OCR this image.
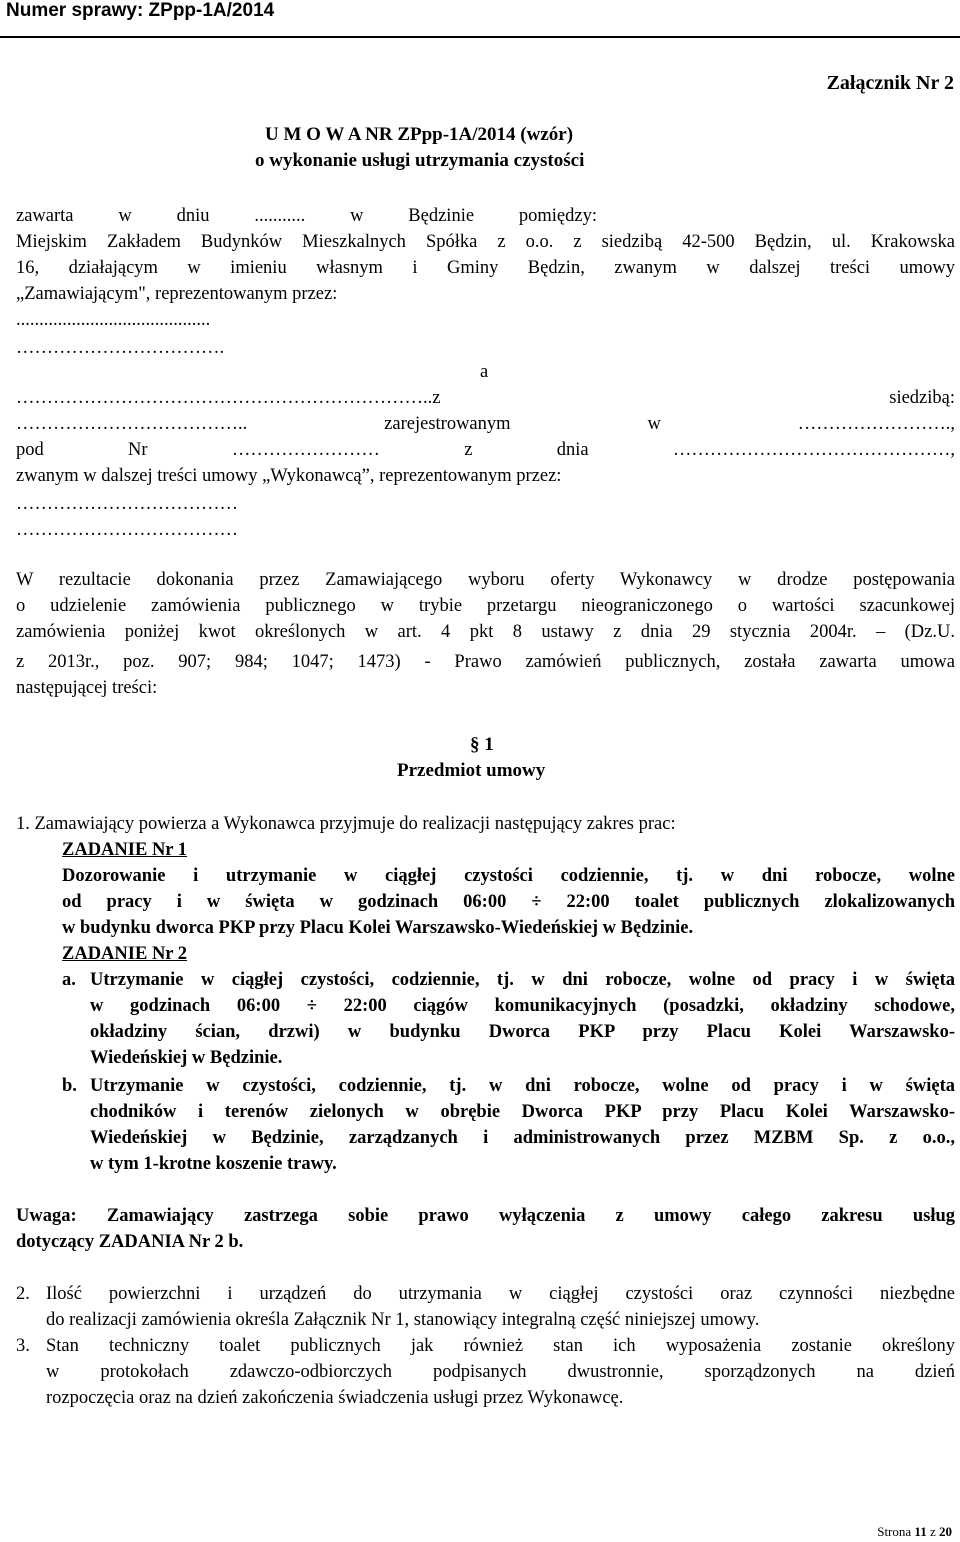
Numer sprawy: ZPpp-1A/2014
Załącznik Nr 2
U M O W A NR ZPpp-1A/2014 (wzór)
o wykonanie usługi utrzymania czystości
zawarta w dniu ........... w Będzinie pomiędzy:
Miejskim Zakładem Budynków Mieszkalnych Spółka z o.o. z siedzibą 42-500 Będzin, ul. Krakowska
16, działającym w imieniu własnym i Gminy Będzin, zwanym w dalszej treści umowy
„Zamawiającym", reprezentowanym przez:
..........................................
…………………………….
a
…………………………………………………………..z siedzibą:
……………………………….. zarejestrowanym w …………………….,
pod Nr …………………… z dnia ………………………………………,
zwanym w dalszej treści umowy „Wykonawcą”, reprezentowanym przez:
………………………………
………………………………
W rezultacie dokonania przez Zamawiającego wyboru oferty Wykonawcy w drodze postępowania
o udzielenie zamówienia publicznego w trybie przetargu nieograniczonego o wartości szacunkowej
zamówienia poniżej kwot określonych w art. 4 pkt 8 ustawy z dnia 29 stycznia 2004r. – (Dz.U.
z 2013r., poz. 907; 984; 1047; 1473) - Prawo zamówień publicznych, została zawarta umowa
następującej treści:
§ 1
Przedmiot umowy
1. Zamawiający powierza a Wykonawca przyjmuje do realizacji następujący zakres prac:
ZADANIE Nr 1
Dozorowanie i utrzymanie w ciągłej czystości codziennie, tj. w dni robocze, wolne
od pracy i w święta w godzinach 06:00 ÷ 22:00 toalet publicznych zlokalizowanych
w budynku dworca PKP przy Placu Kolei Warszawsko-Wiedeńskiej w Będzinie.
ZADANIE Nr 2
a. Utrzymanie w ciągłej czystości, codziennie, tj. w dni robocze, wolne od pracy i w święta
w godzinach 06:00 ÷ 22:00 ciągów komunikacyjnych (posadzki, okładziny schodowe,
okładziny ścian, drzwi) w budynku Dworca PKP przy Placu Kolei Warszawsko-
Wiedeńskiej w Będzinie.
b. Utrzymanie w czystości, codziennie, tj. w dni robocze, wolne od pracy i w święta
chodników i terenów zielonych w obrębie Dworca PKP przy Placu Kolei Warszawsko-
Wiedeńskiej w Będzinie, zarządzanych i administrowanych przez MZBM Sp. z o.o.,
w tym 1-krotne koszenie trawy.
Uwaga: Zamawiający zastrzega sobie prawo wyłączenia z umowy całego zakresu usług
dotyczący ZADANIA Nr 2 b.
2. Ilość powierzchni i urządzeń do utrzymania w ciągłej czystości oraz czynności niezbędne
do realizacji zamówienia określa Załącznik Nr 1, stanowiący integralną część niniejszej umowy.
3. Stan techniczny toalet publicznych jak również stan ich wyposażenia zostanie określony
w protokołach zdawczo-odbiorczych podpisanych dwustronnie, sporządzonych na dzień
rozpoczęcia oraz na dzień zakończenia świadczenia usługi przez Wykonawcę.
Strona 11 z 20
